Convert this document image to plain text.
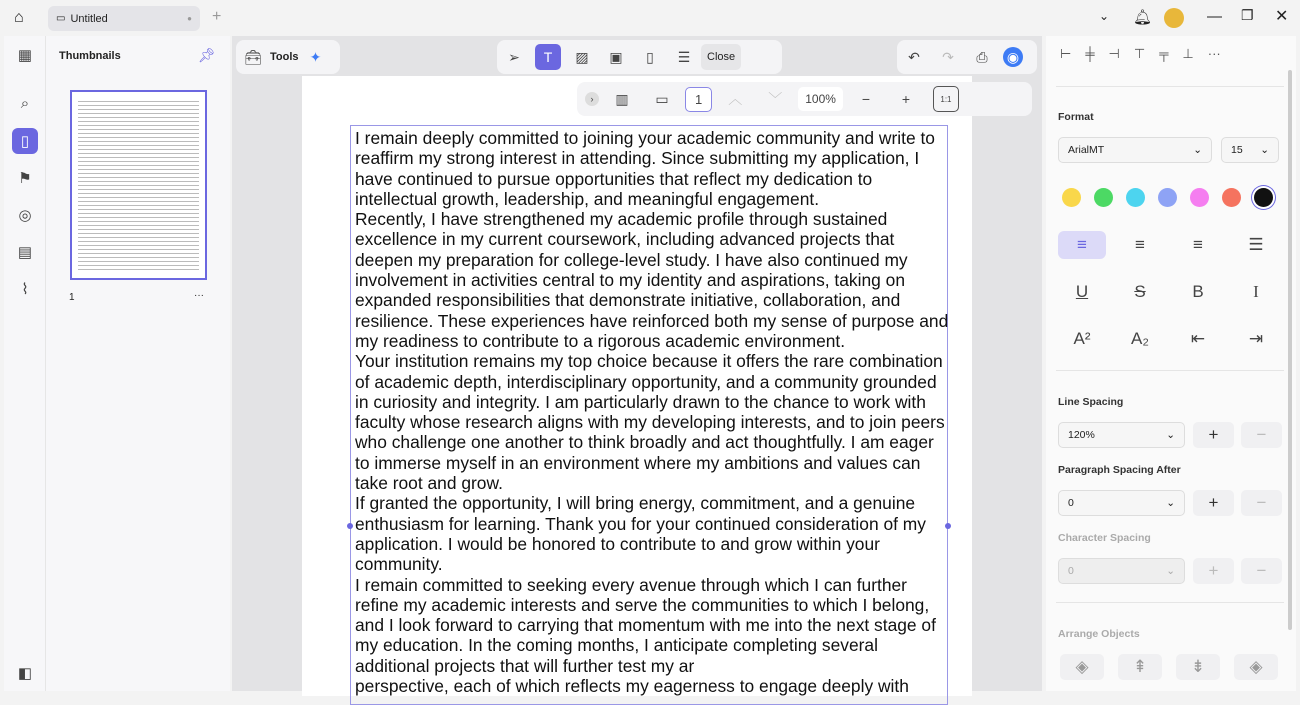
⌂	▭ Untitled	● +	⌄ 🔔︎	— ❐ ✕
▦
⌕
▯
⚑
◎
▤
⌇
◧
Thumbnails	📌︎
1	···
🧰︎ Tools ✦	➢	T	▨	▣	▯	☰	Close	↶	↷	⎙	◉
I remain deeply committed to joining your academic community and write to
reaffirm my strong interest in attending. Since submitting my application, I
have continued to pursue opportunities that reflect my dedication to
intellectual growth, leadership, and meaningful engagement.
Recently, I have strengthened my academic profile through sustained
excellence in my current coursework, including advanced projects that
deepen my preparation for college-level study. I have also continued my
involvement in activities central to my identity and aspirations, taking on
expanded responsibilities that demonstrate initiative, collaboration, and
resilience. These experiences have reinforced both my sense of purpose and
my readiness to contribute to a rigorous academic environment.
Your institution remains my top choice because it offers the rare combination
of academic depth, interdisciplinary opportunity, and a community grounded
in curiosity and integrity. I am particularly drawn to the chance to work with
faculty whose research aligns with my developing interests, and to join peers
who challenge one another to think broadly and act thoughtfully. I am eager
to immerse myself in an environment where my ambitions and values can
take root and grow.
If granted the opportunity, I will bring energy, commitment, and a genuine
enthusiasm for learning. Thank you for your continued consideration of my
application. I would be honored to contribute to and grow within your
community.
I remain committed to seeking every avenue through which I can further
refine my academic interests and serve the communities to which I belong,
and I look forward to carrying that momentum with me into the next stage of
my education. In the coming months, I anticipate completing several
additional projects that will further test my ar
perspective, each of which reflects my eagerness to engage deeply with
›	▥	▭	1	︿	﹀	100%	−	+	1:1
⊢ ╪ ⊣ ⊤ ╤ ⊥ ···
Format
ArialMT	⌄	15 ⌄
≡	≡	≡	☰
U	S	B	I
A²	A₂	⇤	⇥
Line Spacing
120%	⌄	+	−
Paragraph Spacing After
0	⌄	+	−
Character Spacing
0	⌄	+	−
Arrange Objects
◈	⇞	⇟	◈
